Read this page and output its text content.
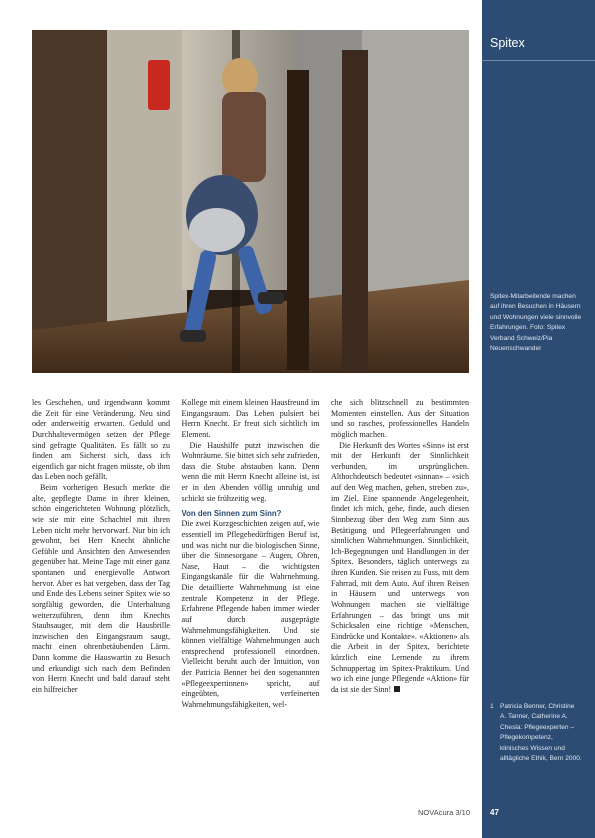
les Geschehen, und irgendwann kommt die Zeit für eine Veränderung. Neu sind oder anderweitig erwarten. Geduld und Durchhaltevermögen setzen der Pflege sind gefragte Qualitäten. Es fällt so zu finden am Sicherst sich, dass ich eigentlich gar nicht fragen müsste, ob ihm das Leben noch gefällt.

Beim vorherigen Besuch merkte die alte, gepflegte Dame in ihrer kleinen, schön eingerichteten Wohnung plötzlich, wie sie mir eine Schachtel mit ihren Leben nicht mehr hervorwarf. Nur bin ich gewohnt, bei Herr Knecht ähnliche Gefühle und Ansichten den Anwesenden gegenüber hat. Meine Tage mit einer ganz spontanen und energievolle Antwort hervor. Aber es hat vergeben, dass der Tag und Ende des Lebens seiner Spitex wie so sorgfältig geworden, die Unterhaltung weiterzuführen, denn ihm Knechts Staubsauger, mit dem die Hausbrille inzwischen den Eingangsraum saugt, macht einen ohrenbetäubenden Lärm. Dann komme die Hauswartin zu Besuch und erkundigt sich nach dem Befinden von Herrn Knecht und bald darauf steht ein hilfreicher

Kollege mit einem kleinen Hausfreund im Eingangsraum. Das Leben pulsiert bei Herrn Knecht. Er freut sich sichtlich im Element.

Die Haushilfe putzt inzwischen die Wohnräume. Sie bittet sich sehr zufrieden, dass die Stube abstauben kann. Denn wenn die mit Herrn Knecht alleine ist, ist er in den Abenden völlig unruhig und schickt sie frühzeitig weg.

Von den Sinnen zum Sinn?

Die zwei Kurzgeschichten zeigen auf, wie essentiell im Pflegebedürftigen Beruf ist, und was nicht nur die biologischen Sinne, über die Sinnesorgane – Augen, Ohren, Nase, Haut – die wichtigsten Eingangskanäle für die Wahrnehmung. Die detaillierte Wahrnehmung ist eine zentrale Kompetenz in der Pflege. Erfahrene Pflegende haben immer wieder auf durch ausgeprägte Wahrnehmungsfähigkeiten. Und sie können vielfältige Wahrnehmungen auch entsprechend professionell einordnen. Vielleicht beruht auch der Intuition, von der Patricia Benner bei den sogenannten «Pflegeexpertinnen» spricht, auf eingeübten, verfeinerten Wahrnehmungsfähigkeiten, wel-

che sich blitzschnell zu bestimmten Momenten einstellen. Aus der Situation und so rasches, professionelles Handeln möglich machen.

Die Herkunft des Wortes «Sinn» ist erst mit der Herkunft der Sinnlichkeit verbunden, im ursprünglichen. Althochdeutsch bedeutet «sinnan» – «sich auf den Weg machen, gehen, streben zu», im Ziel. Eine spannende Angelegenheit, findet ich mich, gehe, finde, auch diesen Sinnbezug über den Weg zum Sinn aus Betätigung und Pflegeerfahrungen und sinnlichen Wahrnehmungen. Sinnlichkeit, Ich-Begegnungen und Handlungen in der Spitex. Besonders, täglich unterwegs zu ihren Kunden. Sie reisen zu Fuss, mit dem Fahrrad, mit dem Auto. Auf ihren Reisen in Häusern und unterwegs von Wohnungen machen sie vielfältige Erfahrungen – das bringt uns mit Schicksalen eine richtige «Menschen, Eindrücke und Kontakte». «Aktionen» als die Arbeit in der Spitex, berichtete kürzlich eine Lernende zu ihrem Schnuppertag im Spitex-Praktikum. Und wo ich eine junge Pflegende «Aktion» für da ist sie der Sinn!

Spitex
Spitex-Mitarbeitende machen auf ihren Besuchen in Häusern und Wohnungen viele sinnvolle Erfahrungen. Foto: Spitex Verband Schweiz/Pia Neuenschwander
1 Patricia Benner, Christine A. Tanner, Catherine A. Chesla: Pflegeexperten – Pflegekompetenz, klinisches Wissen und alltägliche Ethik, Bern 2000.
NOVAcura 3/10	47
